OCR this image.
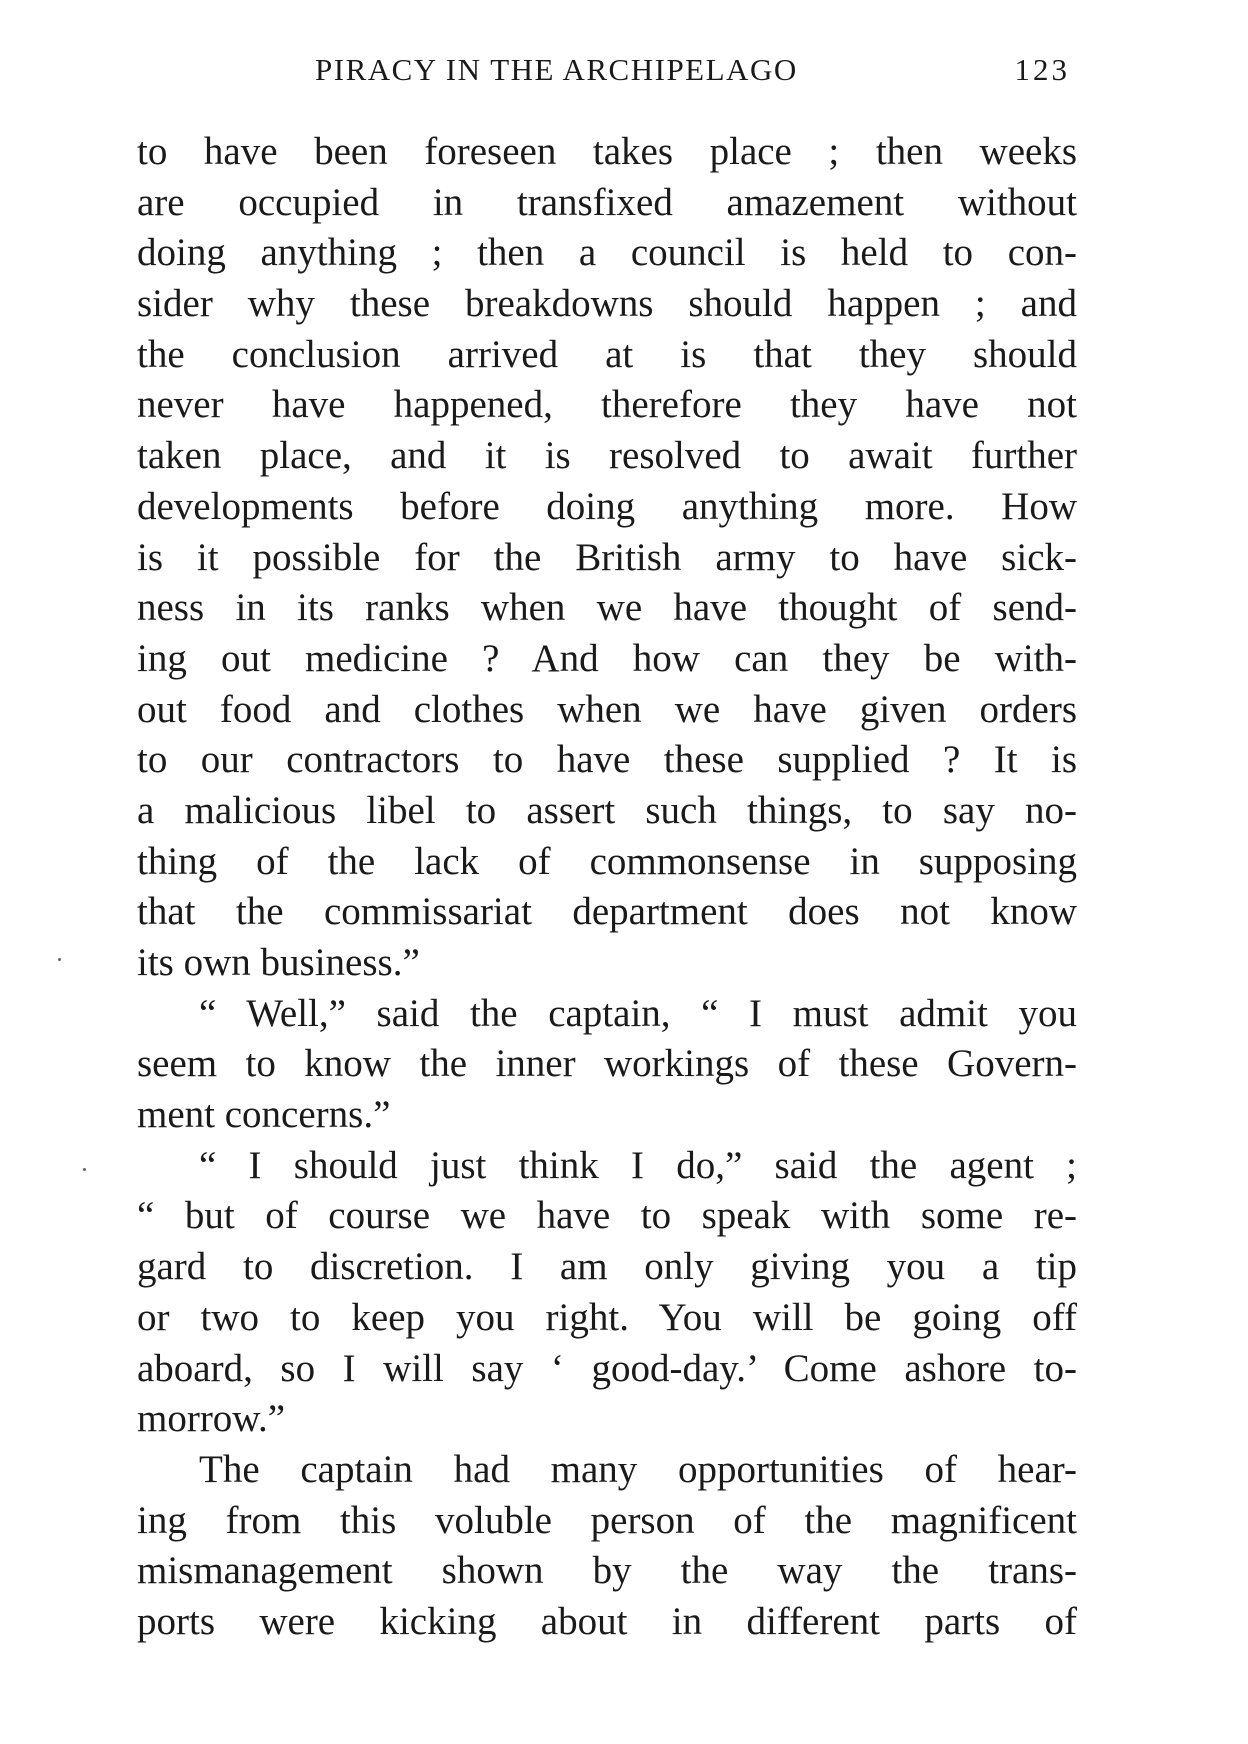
PIRACY IN THE ARCHIPELAGO	123
to have been foreseen takes place ; then weeks
are occupied in transfixed amazement without
doing anything ; then a council is held to con-
sider why these breakdowns should happen ; and
the conclusion arrived at is that they should
never have happened, therefore they have not
taken place, and it is resolved to await further
developments before doing anything more. How
is it possible for the British army to have sick-
ness in its ranks when we have thought of send-
ing out medicine ? And how can they be with-
out food and clothes when we have given orders
to our contractors to have these supplied ? It is
a malicious libel to assert such things, to say no-
thing of the lack of commonsense in supposing
that the commissariat department does not know
its own business.”
“ Well,” said the captain, “ I must admit you
seem to know the inner workings of these Govern-
ment concerns.”
“ I should just think I do,” said the agent ;
“ but of course we have to speak with some re-
gard to discretion. I am only giving you a tip
or two to keep you right. You will be going off
aboard, so I will say ‘ good-day.’ Come ashore to-
morrow.”
The captain had many opportunities of hear-
ing from this voluble person of the magnificent
mismanagement shown by the way the trans-
ports were kicking about in different parts of
